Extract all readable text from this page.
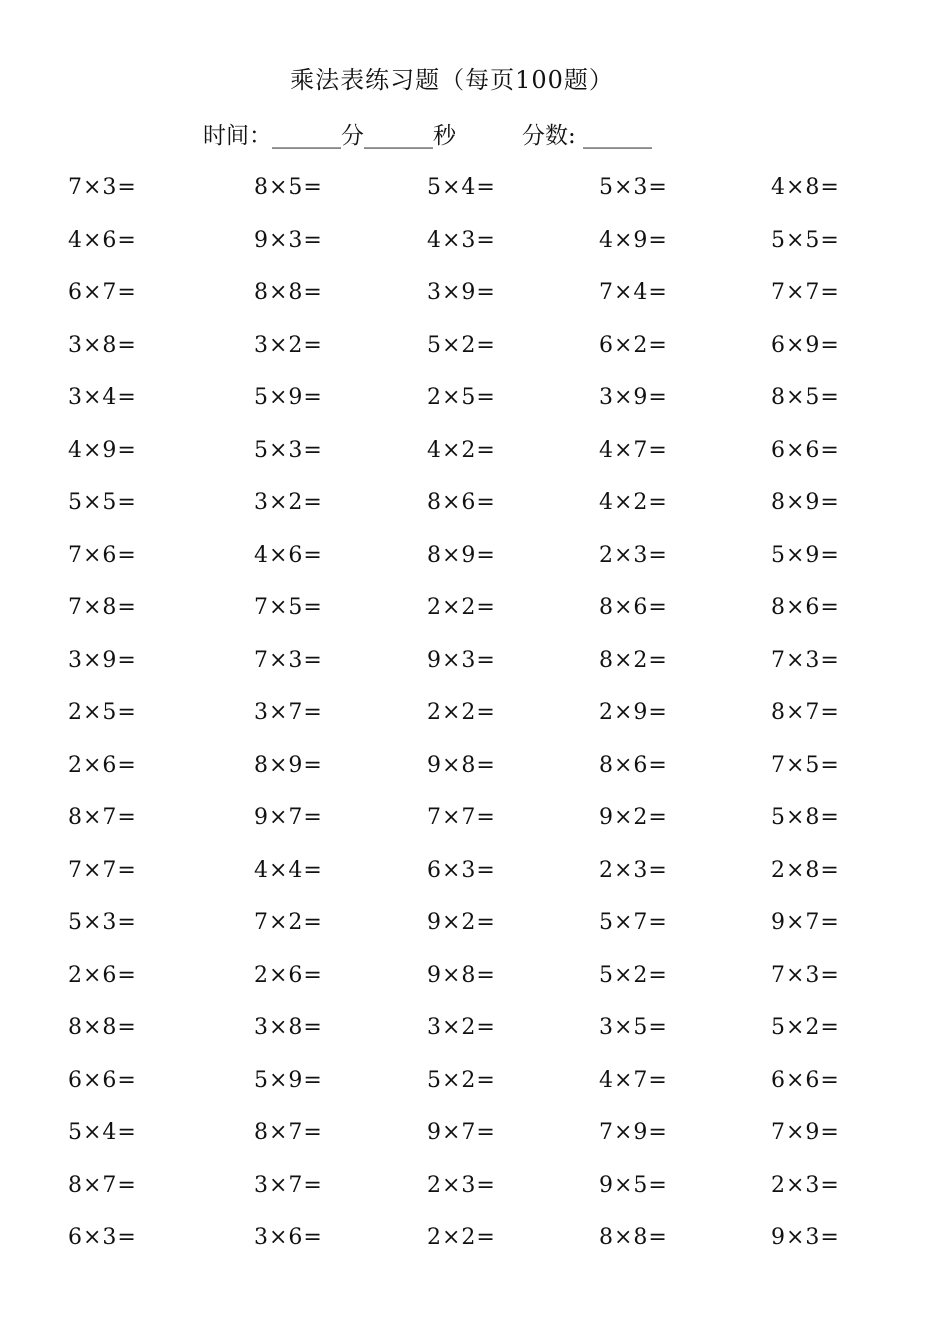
乘法表练习题（每页100题）
时间：______分______秒	分数: ______
7×3=	8×5=	5×4=	5×3=	4×8=
4×6=	9×3=	4×3=	4×9=	5×5=
6×7=	8×8=	3×9=	7×4=	7×7=
3×8=	3×2=	5×2=	6×2=	6×9=
3×4=	5×9=	2×5=	3×9=	8×5=
4×9=	5×3=	4×2=	4×7=	6×6=
5×5=	3×2=	8×6=	4×2=	8×9=
7×6=	4×6=	8×9=	2×3=	5×9=
7×8=	7×5=	2×2=	8×6=	8×6=
3×9=	7×3=	9×3=	8×2=	7×3=
2×5=	3×7=	2×2=	2×9=	8×7=
2×6=	8×9=	9×8=	8×6=	7×5=
8×7=	9×7=	7×7=	9×2=	5×8=
7×7=	4×4=	6×3=	2×3=	2×8=
5×3=	7×2=	9×2=	5×7=	9×7=
2×6=	2×6=	9×8=	5×2=	7×3=
8×8=	3×8=	3×2=	3×5=	5×2=
6×6=	5×9=	5×2=	4×7=	6×6=
5×4=	8×7=	9×7=	7×9=	7×9=
8×7=	3×7=	2×3=	9×5=	2×3=
6×3=	3×6=	2×2=	8×8=	9×3=
